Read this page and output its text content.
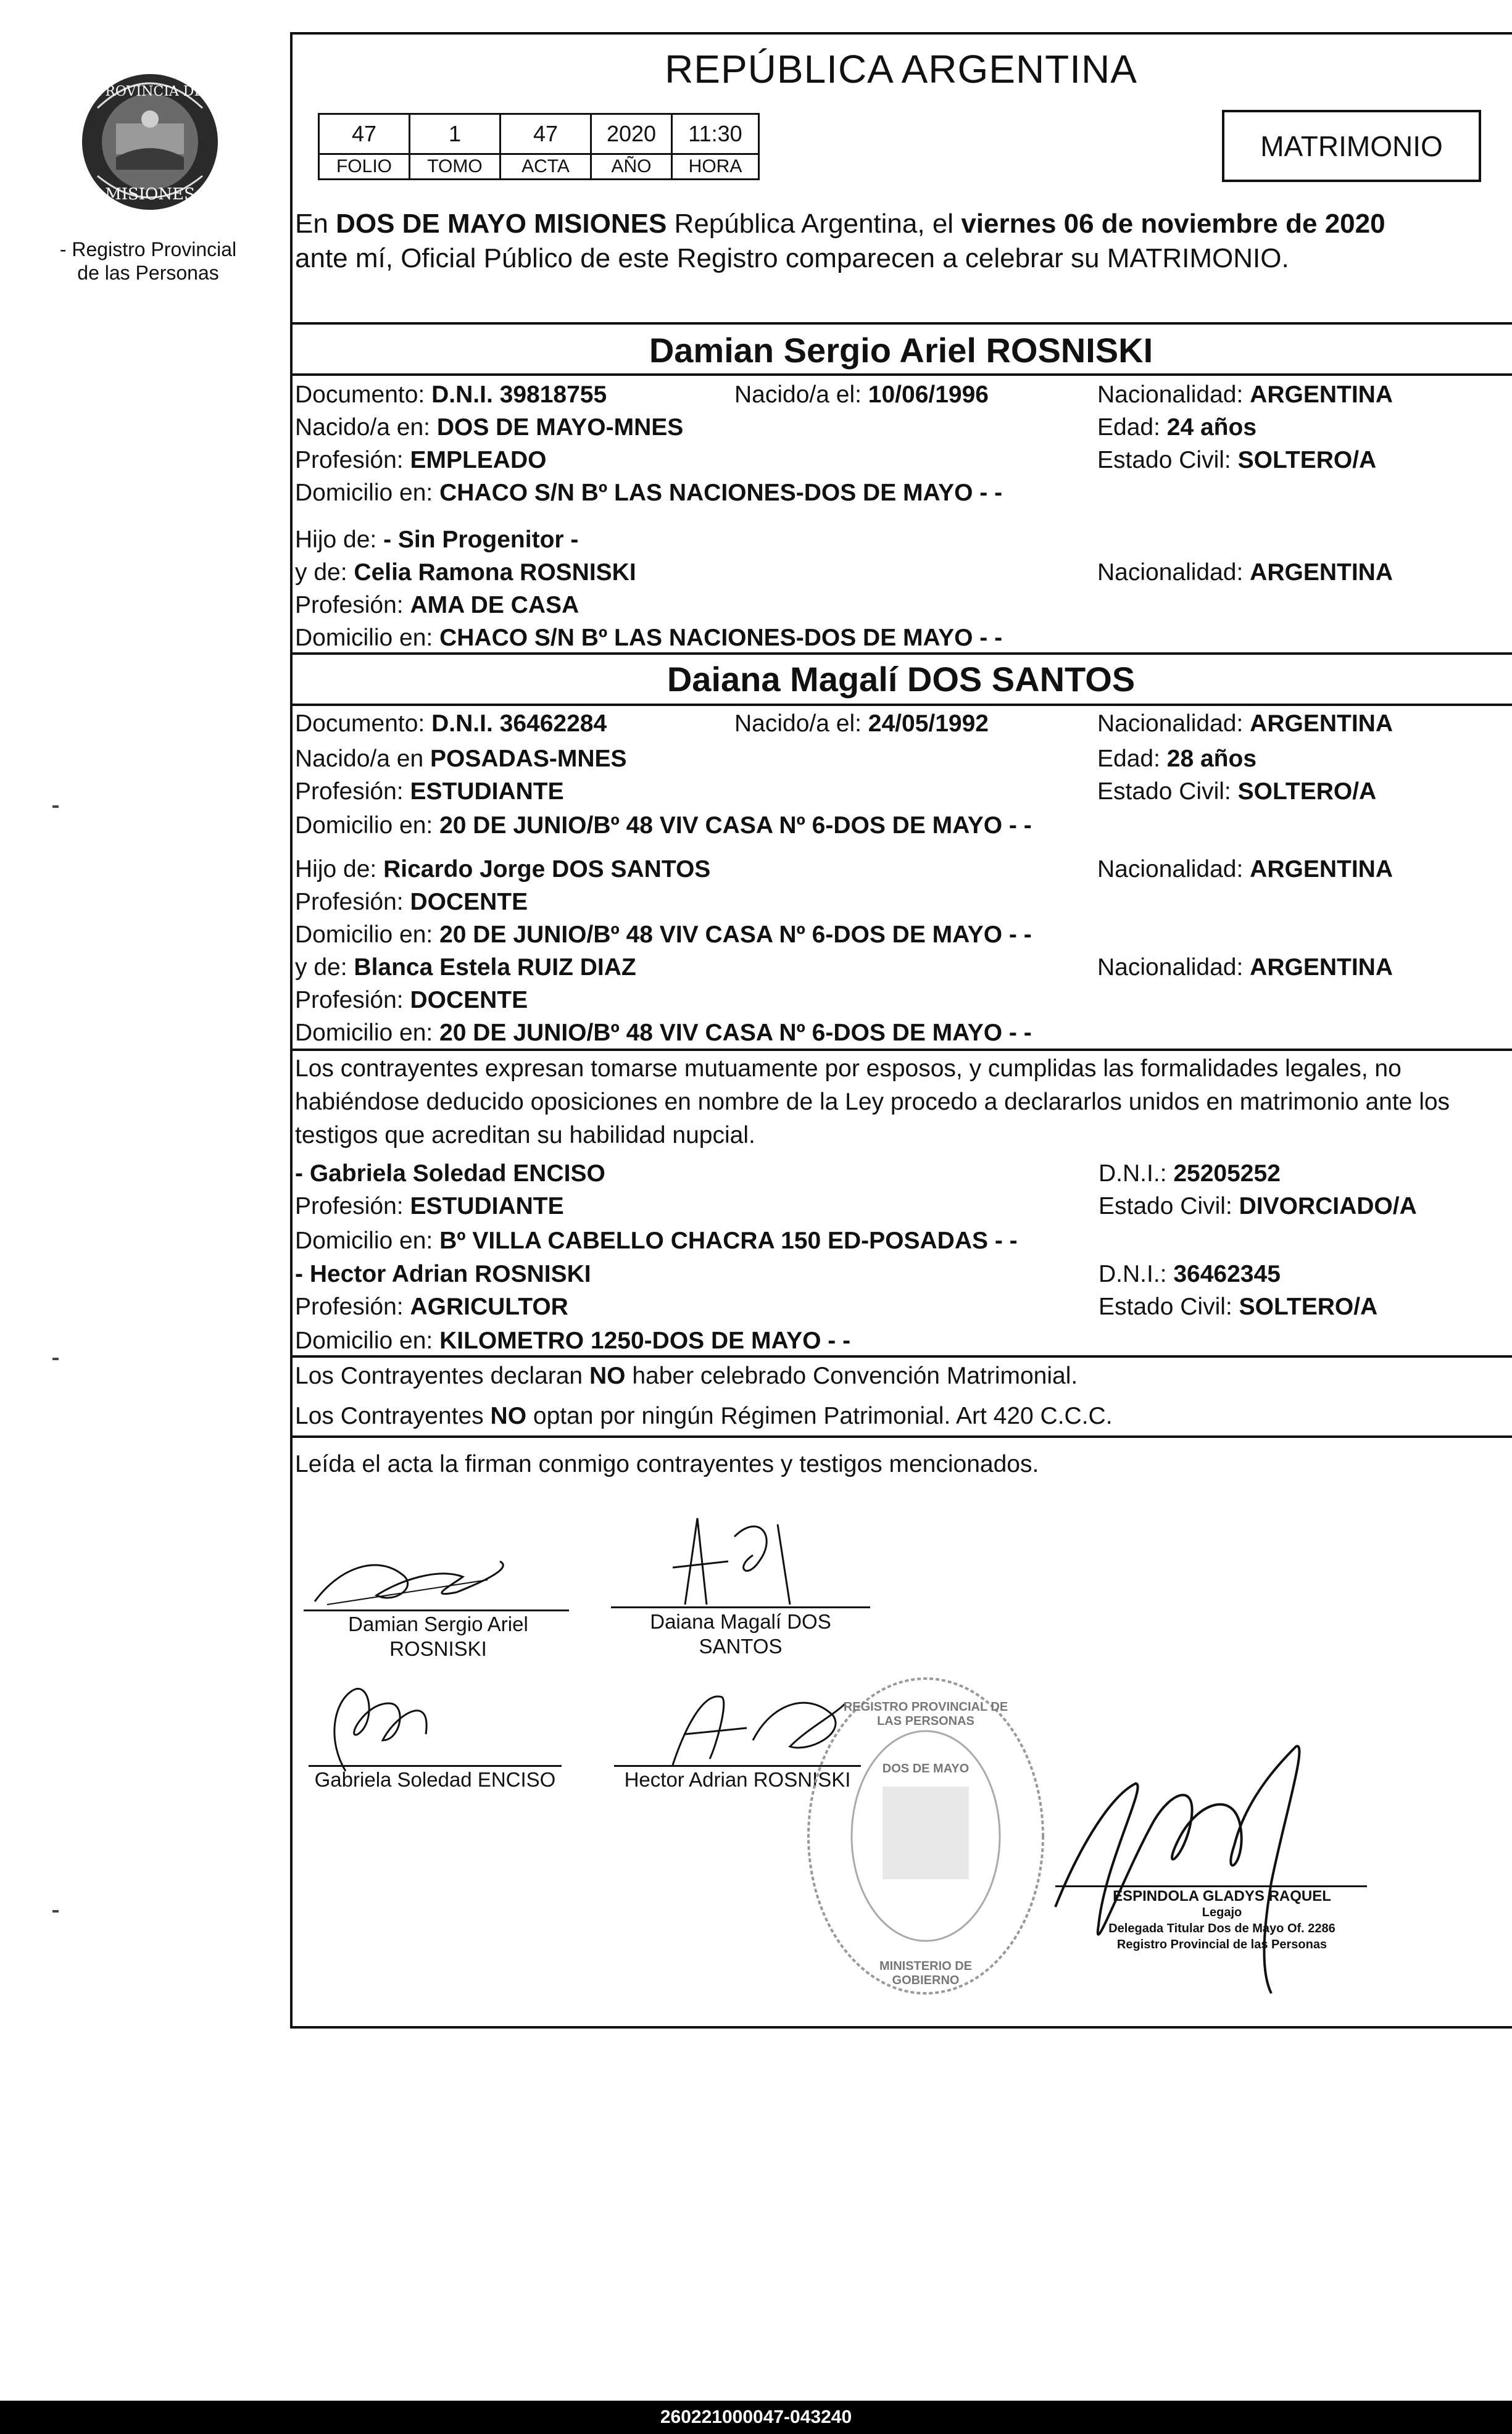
PROVINCIA DE
MISIONES
- Registro Provincial
de las Personas
REPÚBLICA ARGENTINA
47	1	47	2020	11:30
FOLIO	TOMO	ACTA	AÑO	HORA
MATRIMONIO
En DOS DE MAYO MISIONES República Argentina, el viernes 06 de noviembre de 2020
ante mí, Oficial Público de este Registro comparecen a celebrar su MATRIMONIO.
Damian Sergio Ariel ROSNISKI
Documento: D.N.I. 39818755	Nacido/a el: 10/06/1996	Nacionalidad: ARGENTINA
Nacido/a en: DOS DE MAYO-MNES	Edad: 24 años
Profesión: EMPLEADO	Estado Civil: SOLTERO/A
Domicilio en: CHACO S/N Bº LAS NACIONES-DOS DE MAYO - -
Hijo de: - Sin Progenitor -
y de: Celia Ramona ROSNISKI	Nacionalidad: ARGENTINA
Profesión: AMA DE CASA
Domicilio en: CHACO S/N Bº LAS NACIONES-DOS DE MAYO - -
Daiana Magalí DOS SANTOS
Documento: D.N.I. 36462284	Nacido/a el: 24/05/1992	Nacionalidad: ARGENTINA
Nacido/a en POSADAS-MNES	Edad: 28 años
Profesión: ESTUDIANTE	Estado Civil: SOLTERO/A
Domicilio en: 20 DE JUNIO/Bº 48 VIV CASA Nº 6-DOS DE MAYO - -
Hijo de: Ricardo Jorge DOS SANTOS	Nacionalidad: ARGENTINA
Profesión: DOCENTE
Domicilio en: 20 DE JUNIO/Bº 48 VIV CASA Nº 6-DOS DE MAYO - -
y de: Blanca Estela RUIZ DIAZ	Nacionalidad: ARGENTINA
Profesión: DOCENTE
Domicilio en: 20 DE JUNIO/Bº 48 VIV CASA Nº 6-DOS DE MAYO - -
Los contrayentes expresan tomarse mutuamente por esposos, y cumplidas las formalidades legales, no habiéndose deducido oposiciones en nombre de la Ley procedo a declararlos unidos en matrimonio ante los testigos que acreditan su habilidad nupcial.
- Gabriela Soledad ENCISO	D.N.I.: 25205252
Profesión: ESTUDIANTE	Estado Civil: DIVORCIADO/A
Domicilio en: Bº VILLA CABELLO CHACRA 150 ED-POSADAS - -
- Hector Adrian ROSNISKI	D.N.I.: 36462345
Profesión: AGRICULTOR	Estado Civil: SOLTERO/A
Domicilio en: KILOMETRO 1250-DOS DE MAYO - -
Los Contrayentes declaran NO haber celebrado Convención Matrimonial.
Los Contrayentes NO optan por ningún Régimen Patrimonial. Art 420 C.C.C.
Leída el acta la firman conmigo contrayentes y testigos mencionados.
Damian Sergio Ariel
ROSNISKI
Daiana Magalí DOS
SANTOS
Gabriela Soledad ENCISO	Hector Adrian ROSNISKI
REGISTRO PROVINCIAL DE LAS PERSONAS
DOS DE MAYO
MINISTERIO DE GOBIERNO
ESPINDOLA GLADYS RAQUEL
Legajo
Delegada Titular Dos de Mayo Of. 2286
Registro Provincial de las Personas
260221000047-043240
